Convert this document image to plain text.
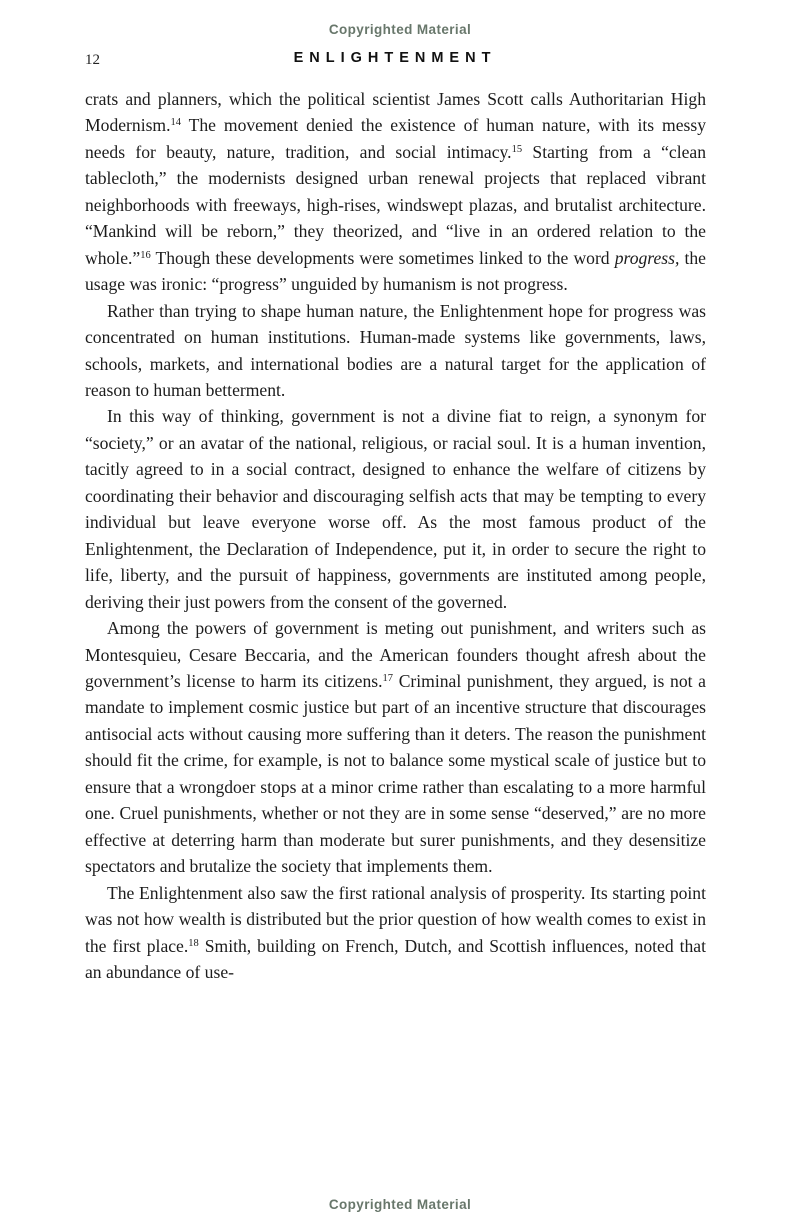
Copyrighted Material
12	ENLIGHTENMENT

crats and planners, which the political scientist James Scott calls Authoritarian High Modernism.$^{14}$ The movement denied the existence of human nature, with its messy needs for beauty, nature, tradition, and social intimacy.$^{15}$ Starting from a “clean tablecloth,” the modernists designed urban renewal projects that replaced vibrant neighborhoods with freeways, high-rises, windswept plazas, and brutalist architecture. “Mankind will be reborn,” they theorized, and “live in an ordered relation to the whole.”$^{16}$ Though these developments were sometimes linked to the word progress, the usage was ironic: “progress” unguided by humanism is not progress.

Rather than trying to shape human nature, the Enlightenment hope for progress was concentrated on human institutions. Human-made systems like governments, laws, schools, markets, and international bodies are a natural target for the application of reason to human betterment.

In this way of thinking, government is not a divine fiat to reign, a synonym for “society,” or an avatar of the national, religious, or racial soul. It is a human invention, tacitly agreed to in a social contract, designed to enhance the welfare of citizens by coordinating their behavior and discouraging selfish acts that may be tempting to every individual but leave everyone worse off. As the most famous product of the Enlightenment, the Declaration of Independence, put it, in order to secure the right to life, liberty, and the pursuit of happiness, governments are instituted among people, deriving their just powers from the consent of the governed.

Among the powers of government is meting out punishment, and writers such as Montesquieu, Cesare Beccaria, and the American founders thought afresh about the government’s license to harm its citizens.$^{17}$ Criminal punishment, they argued, is not a mandate to implement cosmic justice but part of an incentive structure that discourages antisocial acts without causing more suffering than it deters. The reason the punishment should fit the crime, for example, is not to balance some mystical scale of justice but to ensure that a wrongdoer stops at a minor crime rather than escalating to a more harmful one. Cruel punishments, whether or not they are in some sense “deserved,” are no more effective at deterring harm than moderate but surer punishments, and they desensitize spectators and brutalize the society that implements them.

The Enlightenment also saw the first rational analysis of prosperity. Its starting point was not how wealth is distributed but the prior question of how wealth comes to exist in the first place.$^{18}$ Smith, building on French, Dutch, and Scottish influences, noted that an abundance of use-

Copyrighted Material
